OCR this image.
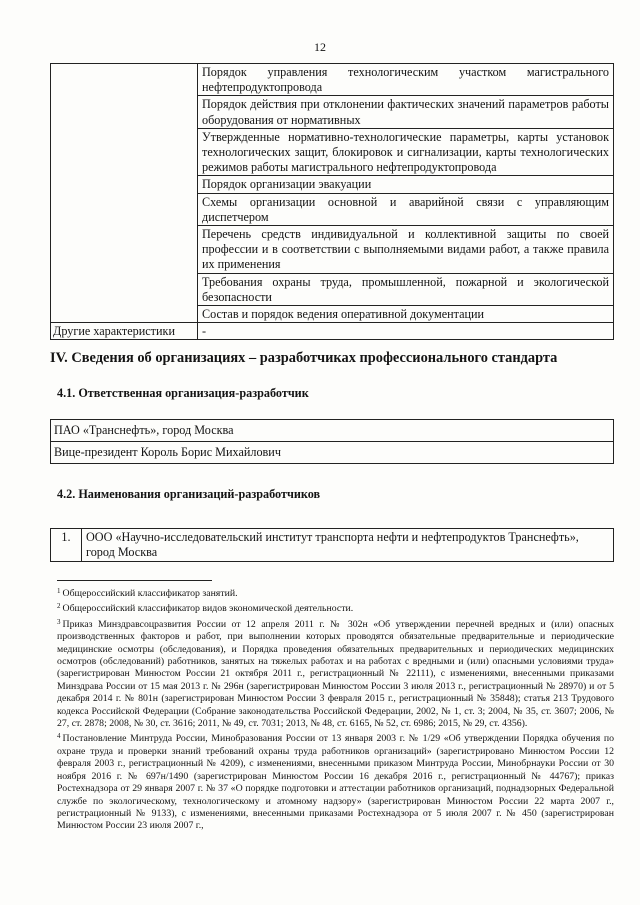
12
	Порядок управления технологическим участком магистрального нефтепродуктопровода
	Порядок действия при отклонении фактических значений параметров работы оборудования от нормативных
	Утвержденные нормативно-технологические параметры, карты установок технологических защит, блокировок и сигнализации, карты технологических режимов работы магистрального нефтепродуктопровода
	Порядок организации эвакуации
	Схемы организации основной и аварийной связи с управляющим диспетчером
	Перечень средств индивидуальной и коллективной защиты по своей профессии и в соответствии с выполняемыми видами работ, а также правила их применения
	Требования охраны труда, промышленной, пожарной и экологической безопасности
	Состав и порядок ведения оперативной документации
Другие характеристики	-
IV. Сведения об организациях – разработчиках профессионального стандарта
4.1. Ответственная организация-разработчик
ПАО «Транснефть», город Москва
Вице-президент Король Борис Михайлович
4.2. Наименования организаций-разработчиков
1.	ООО «Научно-исследовательский институт транспорта нефти и нефтепродуктов Транснефть», город Москва

$^1$ Общероссийский классификатор занятий.

$^2$ Общероссийский классификатор видов экономической деятельности.

$^3$ Приказ Минздравсоцразвития России от 12 апреля 2011 г. № 302н «Об утверждении перечней вредных и (или) опасных производственных факторов и работ, при выполнении которых проводятся обязательные предварительные и периодические медицинские осмотры (обследования), и Порядка проведения обязательных предварительных и периодических медицинских осмотров (обследований) работников, занятых на тяжелых работах и на работах с вредными и (или) опасными условиями труда» (зарегистрирован Минюстом России 21 октября 2011 г., регистрационный № 22111), с изменениями, внесенными приказами Минздрава России от 15 мая 2013 г. № 296н (зарегистрирован Минюстом России 3 июля 2013 г., регистрационный № 28970) и от 5 декабря 2014 г. № 801н (зарегистрирован Минюстом России 3 февраля 2015 г., регистрационный № 35848); статья 213 Трудового кодекса Российской Федерации (Собрание законодательства Российской Федерации, 2002, № 1, ст. 3; 2004, № 35, ст. 3607; 2006, № 27, ст. 2878; 2008, № 30, ст. 3616; 2011, № 49, ст. 7031; 2013, № 48, ст. 6165, № 52, ст. 6986; 2015, № 29, ст. 4356).

$^4$ Постановление Минтруда России, Минобразования России от 13 января 2003 г. № 1/29 «Об утверждении Порядка обучения по охране труда и проверки знаний требований охраны труда работников организаций» (зарегистрировано Минюстом России 12 февраля 2003 г., регистрационный № 4209), с изменениями, внесенными приказом Минтруда России, Минобрнауки России от 30 ноября 2016 г. № 697н/1490 (зарегистрирован Минюстом России 16 декабря 2016 г., регистрационный № 44767); приказ Ростехнадзора от 29 января 2007 г. № 37 «О порядке подготовки и аттестации работников организаций, поднадзорных Федеральной службе по экологическому, технологическому и атомному надзору» (зарегистрирован Минюстом России 22 марта 2007 г., регистрационный № 9133), с изменениями, внесенными приказами Ростехнадзора от 5 июля 2007 г. № 450 (зарегистрирован Минюстом России 23 июля 2007 г.,
